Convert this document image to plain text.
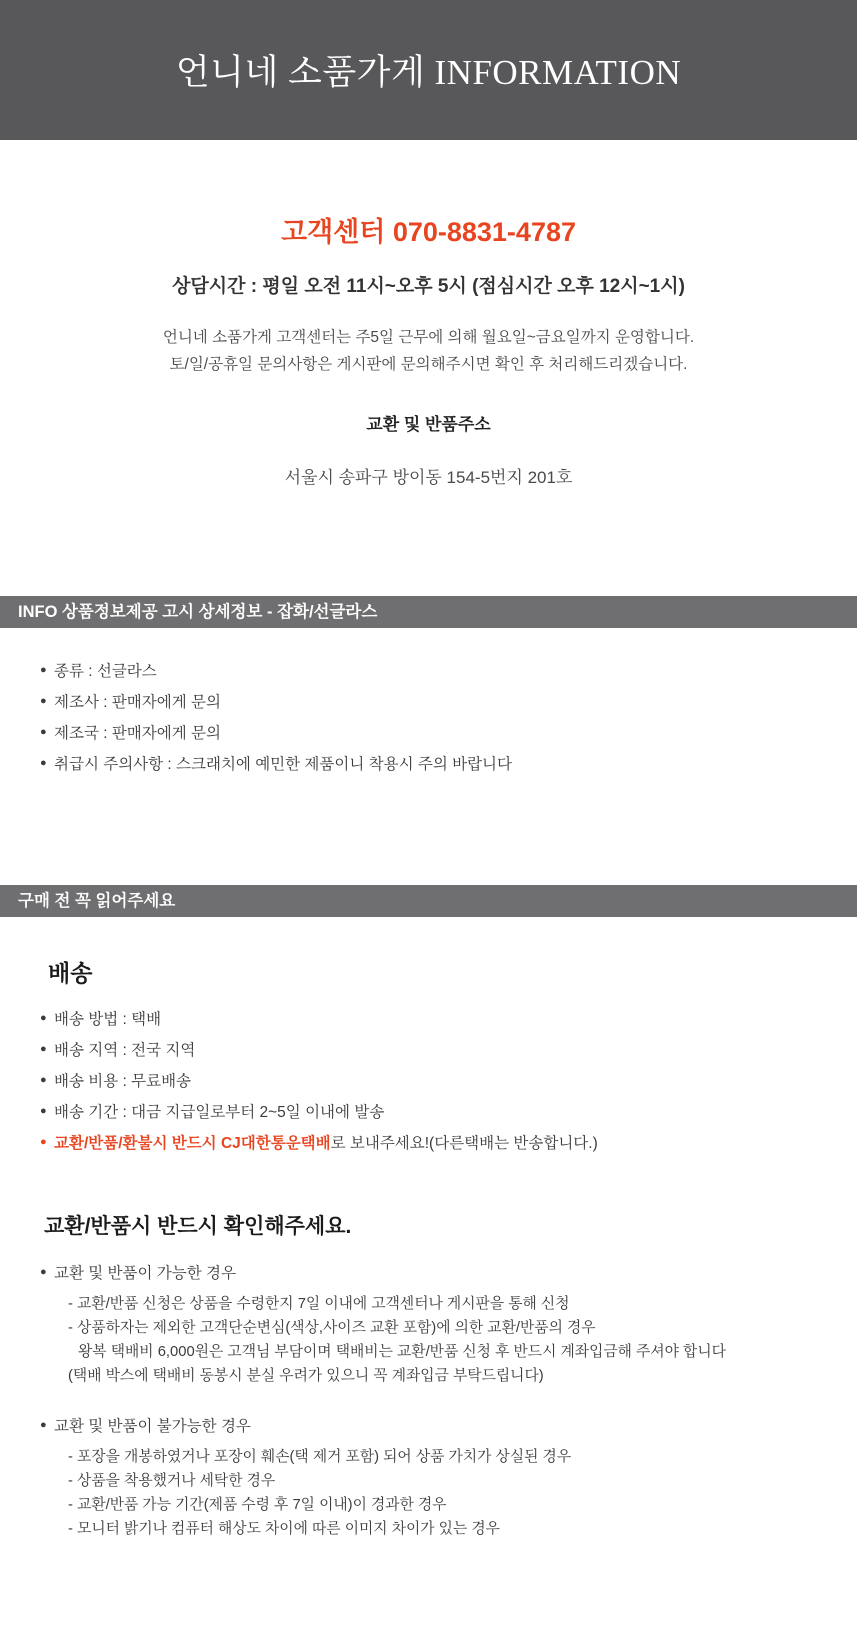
언니네 소품가게 INFORMATION
고객센터 070-8831-4787
상담시간 : 평일 오전 11시~오후 5시 (점심시간 오후 12시~1시)
언니네 소품가게 고객센터는 주5일 근무에 의해 월요일~금요일까지 운영합니다.
토/일/공휴일 문의사항은 게시판에 문의해주시면 확인 후 처리해드리겠습니다.
교환 및 반품주소
서울시 송파구 방이동 154-5번지 201호
INFO 상품정보제공 고시 상세정보 - 잡화/선글라스
● 종류 : 선글라스
● 제조사 : 판매자에게 문의
● 제조국 : 판매자에게 문의
● 취급시 주의사항 : 스크래치에 예민한 제품이니 착용시 주의 바랍니다
구매 전 꼭 읽어주세요
배송
● 배송 방법 : 택배
● 배송 지역 : 전국 지역
● 배송 비용 : 무료배송
● 배송 기간 : 대금 지급일로부터 2~5일 이내에 발송
● 교환/반품/환불시 반드시 CJ대한통운택배로 보내주세요!(다른택배는 반송합니다.)
교환/반품시 반드시 확인해주세요.
● 교환 및 반품이 가능한 경우
- 교환/반품 신청은 상품을 수령한지 7일 이내에 고객센터나 게시판을 통해 신청
- 상품하자는 제외한 고객단순변심(색상,사이즈 교환 포함)에 의한 교환/반품의 경우
왕복 택배비 6,000원은 고객님 부담이며 택배비는 교환/반품 신청 후 반드시 계좌입금해 주셔야 합니다
(택배 박스에 택배비 동봉시 분실 우려가 있으니 꼭 계좌입금 부탁드립니다)
● 교환 및 반품이 불가능한 경우
- 포장을 개봉하였거나 포장이 훼손(택 제거 포함) 되어 상품 가치가 상실된 경우
- 상품을 착용했거나 세탁한 경우
- 교환/반품 가능 기간(제품 수령 후 7일 이내)이 경과한 경우
- 모니터 밝기나 컴퓨터 해상도 차이에 따른 이미지 차이가 있는 경우
